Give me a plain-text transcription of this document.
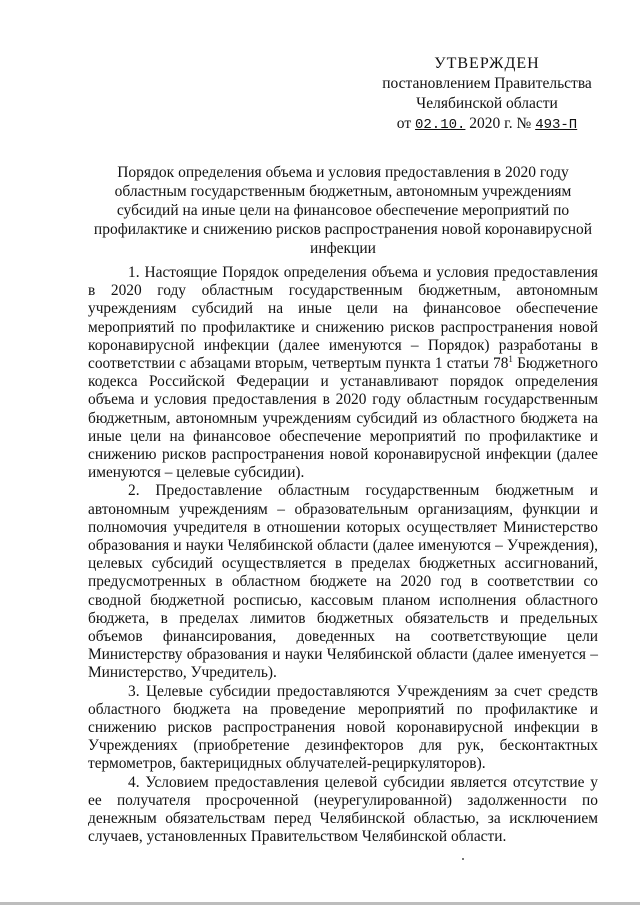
УТВЕРЖДЕН
постановлением Правительства
Челябинской области
от 02.10. 2020 г. № 493-П
Порядок определения объема и условия предоставления в 2020 году областным государственным бюджетным, автономным учреждениям субсидий на иные цели на финансовое обеспечение мероприятий по профилактике и снижению рисков распространения новой коронавирусной инфекции

1. Настоящие Порядок определения объема и условия предоставления в 2020 году областным государственным бюджетным, автономным учреждениям субсидий на иные цели на финансовое обеспечение мероприятий по профилактике и снижению рисков распространения новой коронавирусной инфекции (далее именуются – Порядок) разработаны в соответствии с абзацами вторым, четвертым пункта 1 статьи $78^1$ Бюджетного кодекса Российской Федерации и устанавливают порядок определения объема и условия предоставления в 2020 году областным государственным бюджетным, автономным учреждениям субсидий из областного бюджета на иные цели на финансовое обеспечение мероприятий по профилактике и снижению рисков распространения новой коронавирусной инфекции (далее именуются – целевые субсидии).

2. Предоставление областным государственным бюджетным и автономным учреждениям – образовательным организациям, функции и полномочия учредителя в отношении которых осуществляет Министерство образования и науки Челябинской области (далее именуются – Учреждения), целевых субсидий осуществляется в пределах бюджетных ассигнований, предусмотренных в областном бюджете на 2020 год в соответствии со сводной бюджетной росписью, кассовым планом исполнения областного бюджета, в пределах лимитов бюджетных обязательств и предельных объемов финансирования, доведенных на соответствующие цели Министерству образования и науки Челябинской области (далее именуется – Министерство, Учредитель).

3. Целевые субсидии предоставляются Учреждениям за счет средств областного бюджета на проведение мероприятий по профилактике и снижению рисков распространения новой коронавирусной инфекции в Учреждениях (приобретение дезинфекторов для рук, бесконтактных термометров, бактерицидных облучателей-рециркуляторов).

4. Условием предоставления целевой субсидии является отсутствие у ее получателя просроченной (неурегулированной) задолженности по денежным обязательствам перед Челябинской областью, за исключением случаев, установленных Правительством Челябинской области.
